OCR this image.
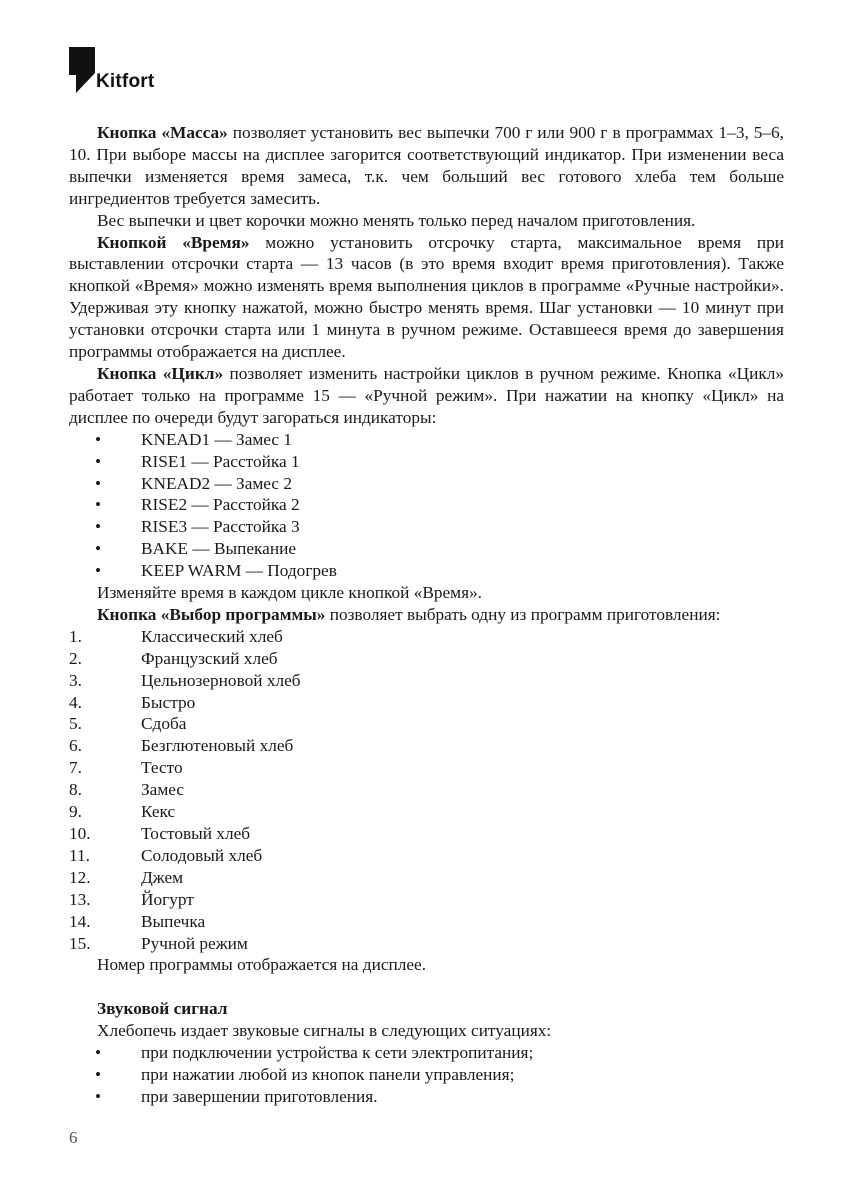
Kitfort

Кнопка «Масса» позволяет установить вес выпечки 700 г или 900 г в программах 1–3, 5–6, 10. При выборе массы на дисплее загорится соответствующий индикатор. При изменении веса выпечки изменяется время замеса, т.к. чем больший вес готового хлеба тем больше ингредиентов требуется замесить.

Вес выпечки и цвет корочки можно менять только перед началом приготовления.

Кнопкой «Время» можно установить отсрочку старта, максимальное время при выставлении отсрочки старта — 13 часов (в это время входит время приготовления). Также кнопкой «Время» можно изменять время выполнения циклов в программе «Ручные настройки». Удерживая эту кнопку нажатой, можно быстро менять время. Шаг установки — 10 минут при установки отсрочки старта или 1 минута в ручном режиме. Оставшееся время до завершения программы отображается на дисплее.

Кнопка «Цикл» позволяет изменить настройки циклов в ручном режиме. Кнопка «Цикл» работает только на программе 15 — «Ручной режим». При нажатии на кнопку «Цикл» на дисплее по очереди будут загораться индикаторы:

• KNEAD1 — Замес 1
• RISE1 — Расстойка 1
• KNEAD2 — Замес 2
• RISE2 — Расстойка 2
• RISE3 — Расстойка 3
• BAKE — Выпекание
• KEEP WARM — Подогрев

Изменяйте время в каждом цикле кнопкой «Время».

Кнопка «Выбор программы» позволяет выбрать одну из программ приготовления:

1.	Классический хлеб
2.	Французский хлеб
3.	Цельнозерновой хлеб
4.	Быстро
5.	Сдоба
6.	Безглютеновый хлеб
7.	Тесто
8.	Замес
9.	Кекс
10.	Тостовый хлеб
11.	Солодовый хлеб
12.	Джем
13.	Йогурт
14.	Выпечка
15.	Ручной режим

Номер программы отображается на дисплее.

Звуковой сигнал

Хлебопечь издает звуковые сигналы в следующих ситуациях:

• при подключении устройства к сети электропитания;
• при нажатии любой из кнопок панели управления;
• при завершении приготовления.
6
